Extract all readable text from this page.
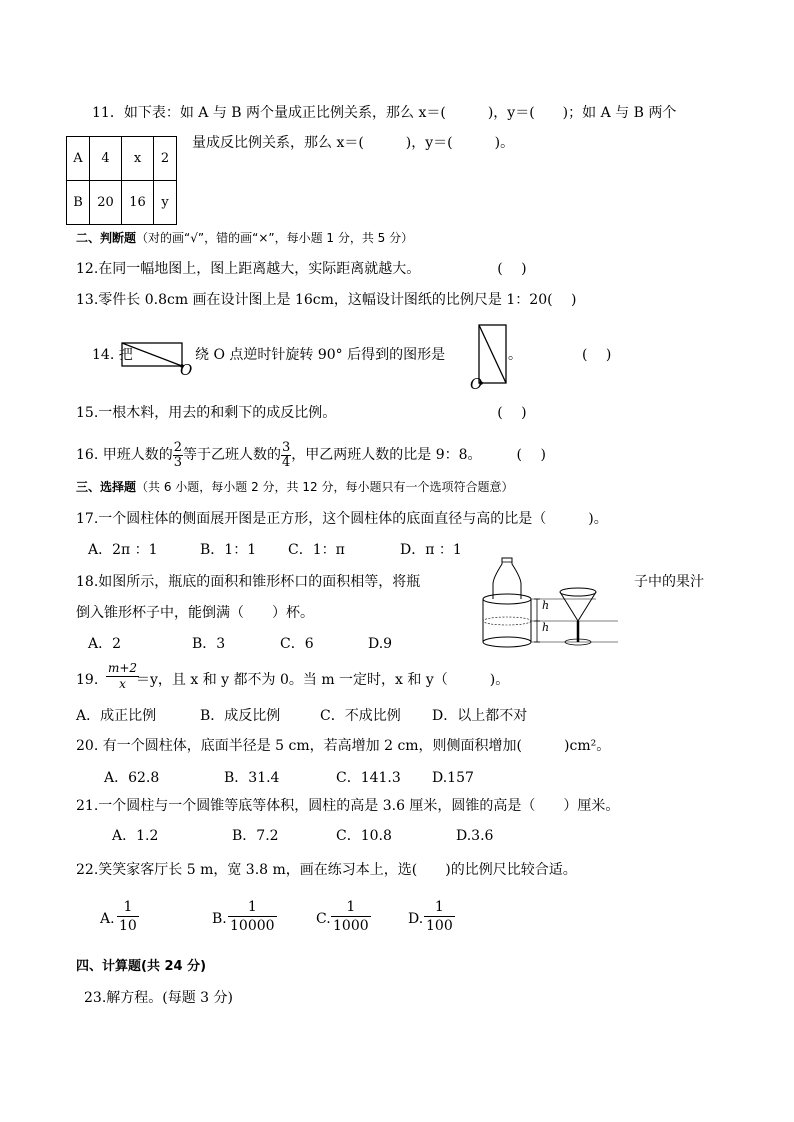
11．如下表：如 A 与 B 两个量成正比例关系，那么 x＝(　　　)，y＝(　　)；如 A 与 B 两个
量成反比例关系，那么 x＝(　　　)，y＝(　　　)。
A	4	x	2
B	20	16	y
二、判断题（对的画“√”，错的画“×”，每小题 1 分，共 5 分）
12.在同一幅地图上，图上距离越大，实际距离就越大。　　　　　　(　 )
13.零件长 0.8cm 画在设计图上是 16cm，这幅设计图纸的比例尺是 1：20(　 )
14. 把
O
绕 O 点逆时针旋转 90° 后得到的图形是
O
。	(　 )
15.一根木料，用去的和剩下的成反比例。　　　　　　　　　　　　(　 )
16. 甲班人数的 $\frac{2}{3}$ 等于乙班人数的 $\frac{3}{4}$ ，甲乙两班人数的比是 9：8。　　　(　 )
三、选择题（共 6 小题，每小题 2 分，共 12 分，每小题只有一个选项符合题意）
17.一个圆柱体的侧面展开图是正方形，这个圆柱体的底面直径与高的比是（　　　)。
A．2π ：1	B．1：1 C．1：π	D．π ：1
18.如图所示，瓶底的面积和锥形杯口的面积相等，将瓶	子中的果汁
倒入锥形杯子中，能倒满（　　）杯。
A．2	B．3	C．6	D.9
h
h
19. $\frac{m+2}{x}$
＝y，且 x 和 y 都不为 0。当 m 一定时，x 和 y（　　　)。
A．成正比例	B．成反比例	C．不成比例 D．以上都不对
20. 有一个圆柱体，底面半径是 5 cm，若高增加 2 cm，则侧面积增加(　　　)cm²。
A．62.8	B．31.4	C．141.3 D.157
21.一个圆柱与一个圆锥等底等体积，圆柱的高是 3.6 厘米，圆锥的高是（　　）厘米。
A．1.2	B．7.2	C．10.8	D.3.6
22.笑笑家客厅长 5 m，宽 3.8 m，画在练习本上，选(　　)的比例尺比较合适。
A. $\frac{1}{10}$	B. $\frac{1}{10000}$	C. $\frac{1}{1000}$	D. $\frac{1}{100}$
四、计算题(共 24 分)
23.解方程。(每题 3 分)
